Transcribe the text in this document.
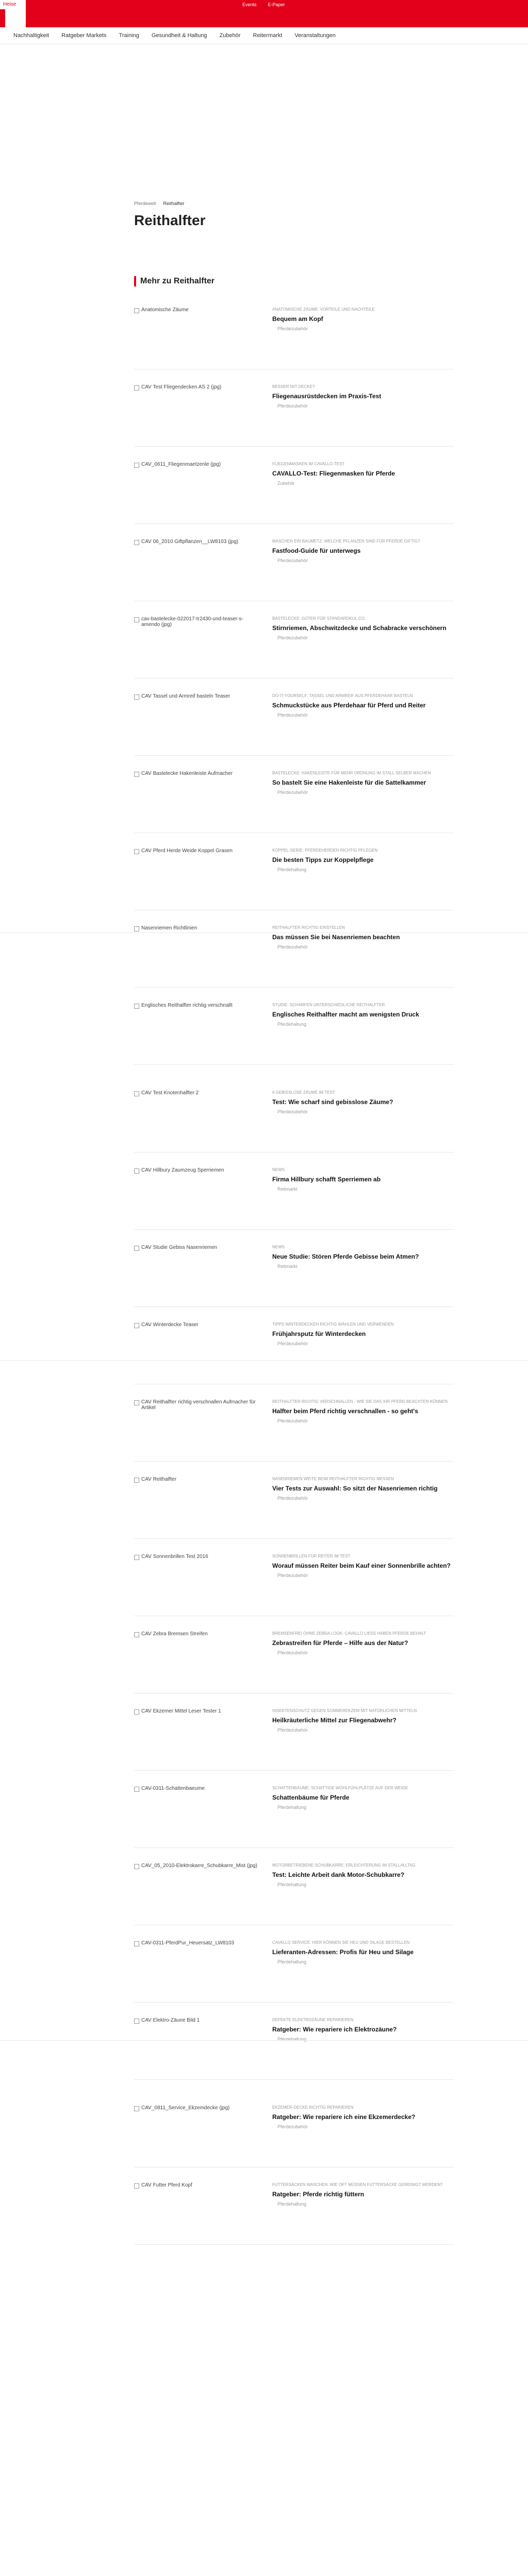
Heise	Events E-Paper
Nachhaltigkeit Ratgeber Markets Training Gesundheit & Haltung Zubehör Reitermarkt Veranstaltungen
Pferdewelt Reithalfter
Reithalfter
Mehr zu Reithalfter
Anatomische Zäume	ANATOMISCHE ZÄUME: VORTEILE UND NACHTEILE
Bequem am Kopf
Pferdezubehör
CAV Test Fliegendecken AS 2 (jpg)	BESSER MIT DECKE?
Fliegenausrüstdecken im Praxis-Test
Pferdezubehör
CAV_0611_Fliegenmaetzenle (jpg)	FLIEGENMASKEN IM CAVALLO-TEST
CAVALLO-Test: Fliegenmasken für Pferde
Zubehör
CAV 06_2010 Giftpflanzen__LW8103 (jpg)	MASCHEN EIN BAUMETZ: WELCHE PFLANZEN SIND FÜR PFERDE GIFTIG?
Fastfood-Guide für unterwegs
Pferdezubehör
cav-bastelecke-022017-tr2430-und-teaser-s-amendo (jpg)
BASTELECKE: GÜTER FÜR STANDARDKUL.CO.
Stirnriemen, Abschwitzdecke und Schabracke verschönern
Pferdezubehör
CAV Tassel und Armreif basteln Teaser	DO-IT-YOURSELF: TASSEL UND ARMREIF AUS PFERDEHAAR BASTELN
Schmuckstücke aus Pferdehaar für Pferd und Reiter
Pferdezubehör
CAV Bastelecke Hakenleiste Aufmacher	BASTELECKE: HAKENLEISTE FÜR MEHR ORDNUNG IM STALL SELBER MACHEN
So bastelt Sie eine Hakenleiste für die Sattelkammer
Pferdezubehör
CAV Pferd Herde Weide Koppel Grasen	KOPPEL-SERIE: PFERDEHERDEN RICHTIG PFLEGEN
Die besten Tipps zur Koppelpflege
Pferdehaltung
Nasenriemen Richtlinien	REITHALFTER RICHTIG EINSTELLEN
Das müssen Sie bei Nasenriemen beachten
Pferdezubehör
Englisches Reithalfter richtig verschnallt	STUDIE: SCHARFEN UNTERSCHIEDLICHE REITHALFTER
Englisches Reithalfter macht am wenigsten Druck
Pferdehaltung
CAV Test Knotenhalfter 2	6 GEBISSLOSE ZÄUME IM TEST
Test: Wie scharf sind gebisslose Zäume?
Pferdezubehör
CAV Hillbury Zaumzeug Sperriemen	NEWS
Firma Hillbury schafft Sperriemen ab
Reitmarkt
CAV Studie Gebiss Nasenriemen	NEWS
Neue Studie: Stören Pferde Gebisse beim Atmen?
Reitmarkt
CAV Winterdecke Teaser	TIPPS WINTERDECKEN RICHTIG WÄHLEN UND VERWENDEN
Frühjahrsputz für Winterdecken
Pferdezubehör
CAV Reithalfter richtig verschnallen Aufmacher für Artikel
REITHALFTER RICHTIG VERSCHNALLEN - WIE SIE DAS IHR PFERD BEACHTEN KÖNNEN
Halfter beim Pferd richtig verschnallen - so geht's
Pferdezubehör
CAV Reithalfter	NASENRIEMEN WEITE BEIM REITHALFTER RICHTIG MESSEN
Vier Tests zur Auswahl: So sitzt der Nasenriemen richtig
Pferdezubehör
CAV Sonnenbrillen Test 2016	SONNENBRILLEN FÜR REITER IM TEST
Worauf müssen Reiter beim Kauf einer Sonnenbrille achten?
Pferdezubehör
CAV Zebra Bremsen Streifen	BREMSENFREI OHNE ZEBRA LOOK: CAVALLO LIESS HABEN PFERDE BEHALT
Zebrastreifen für Pferde – Hilfe aus der Natur?
Pferdezubehör
CAV Ekzemer Mittel Leser Tester 1	INSEKTENSCHUTZ GEGEN SOMMEREKZEM MIT NATÜRLICHEN MITTELN
Heilkräuterliche Mittel zur Fliegenabwehr?
Pferdezubehör
CAV-0311-Schattenbaeume	SCHATTENBÄUME: SCHATTIGE WOHLFÜHLPLÄTZE AUF DER WEIDE
Schattenbäume für Pferde
Pferdehaltung
CAV_05_2010-Elektrokarre_Schubkarre_Mist (jpg)	MOTORBETRIEBENE SCHUBKARRE: ERLEICHTERUNG IM STALLALLTAG
Test: Leichte Arbeit dank Motor-Schubkarre?
Pferdehaltung
CAV-0311-PferdPur_Heuersatz_LW8103	CAVALLO SERVICE: HIER KÖNNEN SIE HEU UND SILAGE BESTELLEN
Lieferanten-Adressen: Profis für Heu und Silage
Pferdehaltung
CAV Elektro-Zäune Bild 1	DEFEKTE ELEKTROZÄUNE REPARIEREN
Ratgeber: Wie repariere ich Elektrozäune?
Pferdehaltung
CAV_0811_Service_Ekzemdecke (jpg)	EKZEMER-DECKE RICHTIG REPARIEREN
Ratgeber: Wie repariere ich eine Ekzemerdecke?
Pferdezubehör
CAV Futter Pferd Kopf	FUTTERSÄCKEN WASCHEN: WIE OFT MÜSSEN FUTTERSÄCKE GEREINIGT WERDEN?
Ratgeber: Pferde richtig füttern
Pferdehaltung
